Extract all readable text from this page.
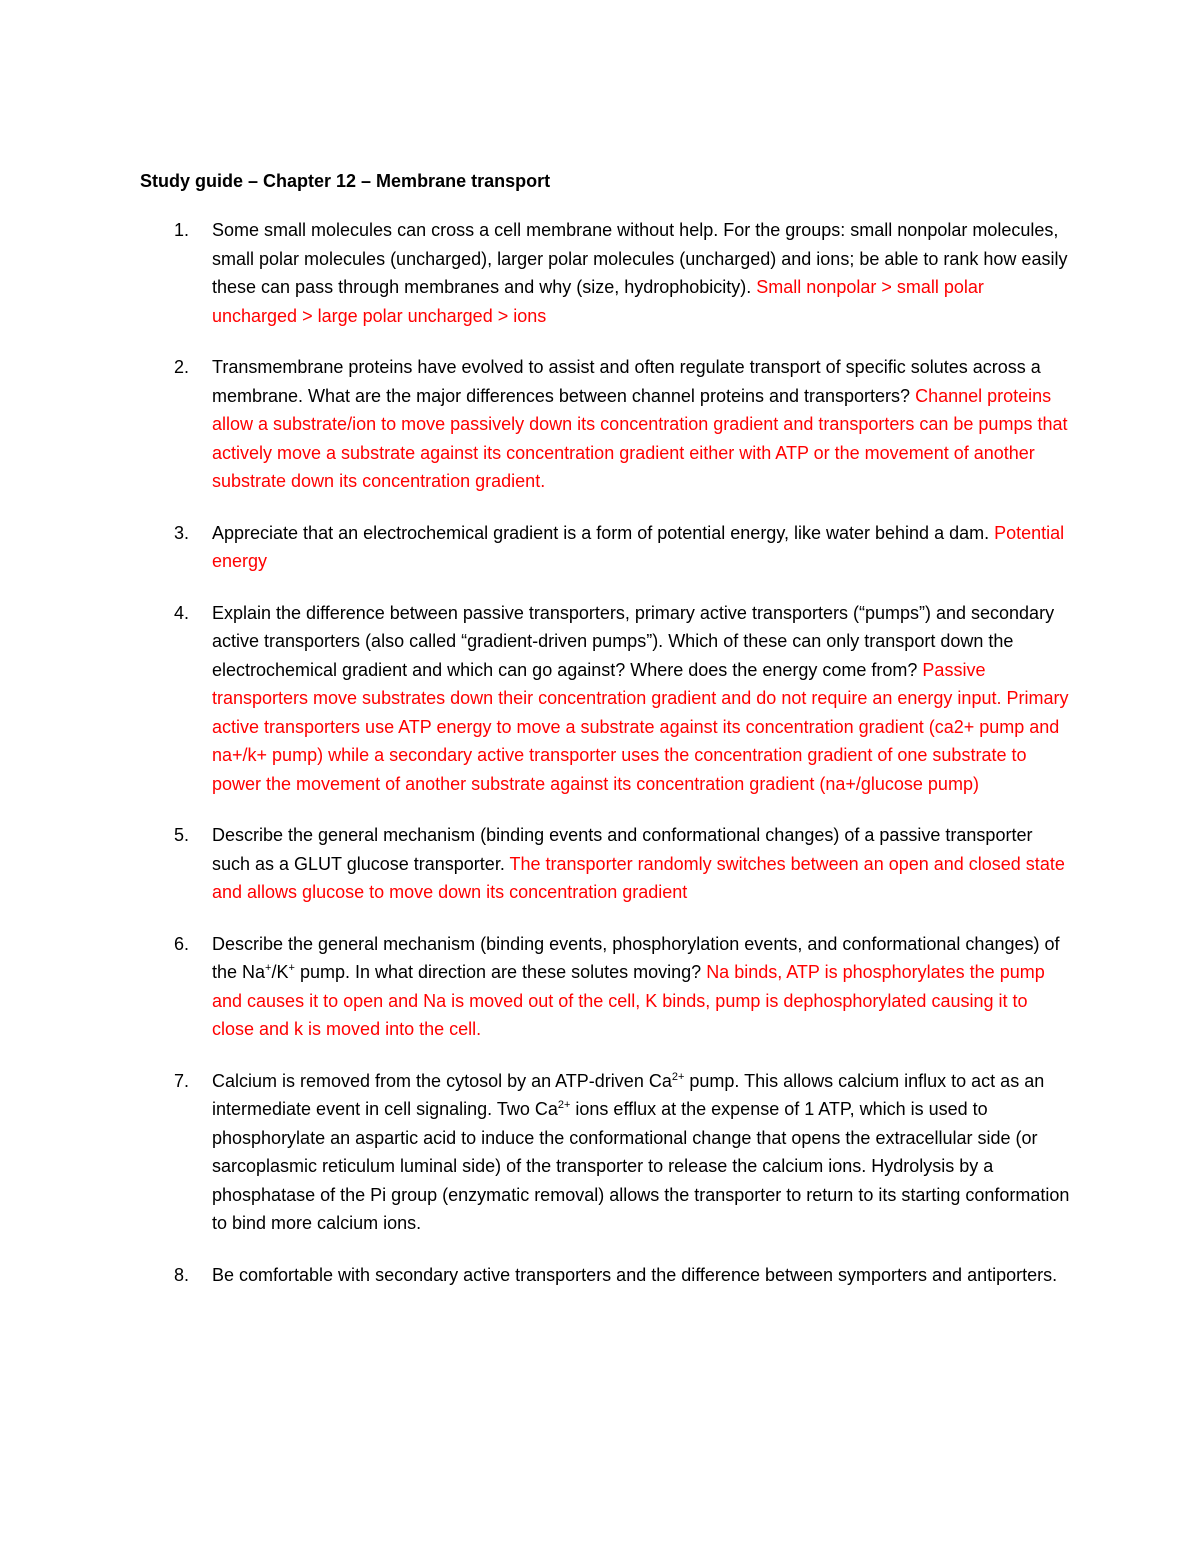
Study guide – Chapter 12 – Membrane transport
1. Some small molecules can cross a cell membrane without help. For the groups: small nonpolar molecules, small polar molecules (uncharged), larger polar molecules (uncharged) and ions; be able to rank how easily these can pass through membranes and why (size, hydrophobicity). Small nonpolar > small polar uncharged > large polar uncharged > ions
2. Transmembrane proteins have evolved to assist and often regulate transport of specific solutes across a membrane. What are the major differences between channel proteins and transporters? Channel proteins allow a substrate/ion to move passively down its concentration gradient and transporters can be pumps that actively move a substrate against its concentration gradient either with ATP or the movement of another substrate down its concentration gradient.
3. Appreciate that an electrochemical gradient is a form of potential energy, like water behind a dam. Potential energy
4. Explain the difference between passive transporters, primary active transporters (“pumps”) and secondary active transporters (also called “gradient-driven pumps”). Which of these can only transport down the electrochemical gradient and which can go against? Where does the energy come from? Passive transporters move substrates down their concentration gradient and do not require an energy input. Primary active transporters use ATP energy to move a substrate against its concentration gradient (ca2+ pump and na+/k+ pump) while a secondary active transporter uses the concentration gradient of one substrate to power the movement of another substrate against its concentration gradient (na+/glucose pump)
5. Describe the general mechanism (binding events and conformational changes) of a passive transporter such as a GLUT glucose transporter. The transporter randomly switches between an open and closed state and allows glucose to move down its concentration gradient
6. Describe the general mechanism (binding events, phosphorylation events, and conformational changes) of the Na+/K+ pump. In what direction are these solutes moving? Na binds, ATP is phosphorylates the pump and causes it to open and Na is moved out of the cell, K binds, pump is dephosphorylated causing it to close and k is moved into the cell.
7. Calcium is removed from the cytosol by an ATP-driven $Ca^{2+}$ pump. This allows calcium influx to act as an intermediate event in cell signaling. Two $Ca^{2+}$ ions efflux at the expense of 1 ATP, which is used to phosphorylate an aspartic acid to induce the conformational change that opens the extracellular side (or sarcoplasmic reticulum luminal side) of the transporter to release the calcium ions. Hydrolysis by a phosphatase of the Pi group (enzymatic removal) allows the transporter to return to its starting conformation to bind more calcium ions.
8. Be comfortable with secondary active transporters and the difference between symporters and antiporters.
